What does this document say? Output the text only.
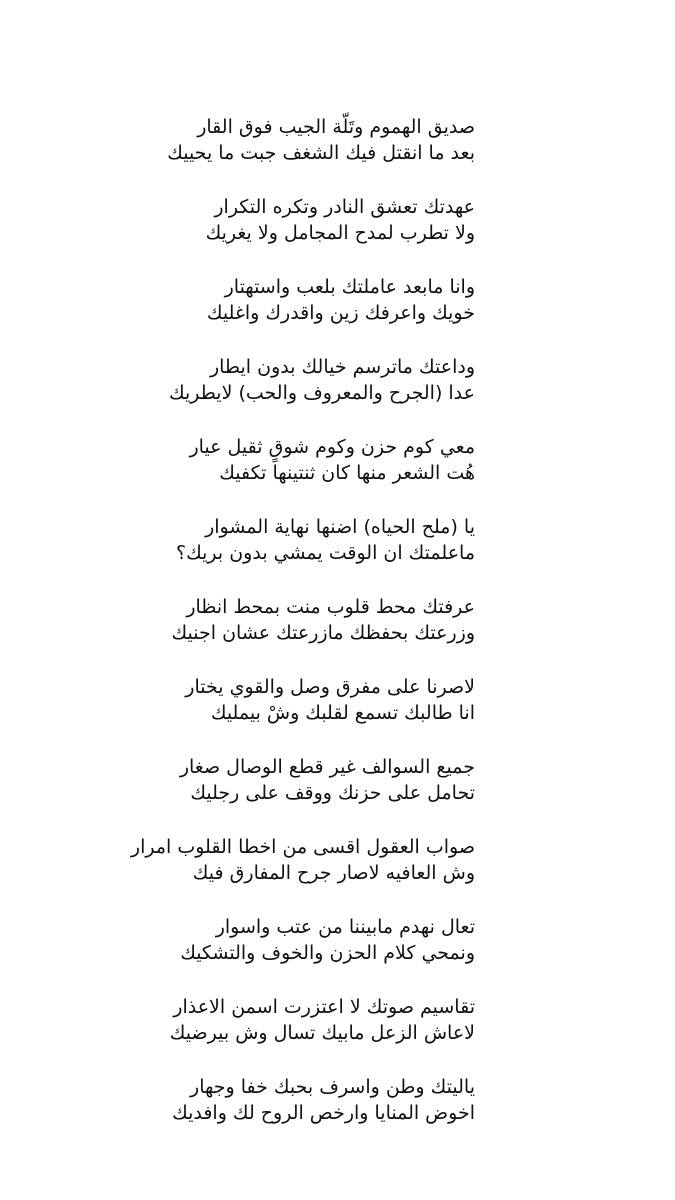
صديق الهموم وتَلّة الجيب فوق القار
بعد ما انقتل فيك الشغف جبت ما يحييك
عهدتك تعشق النادر وتكره التكرار
ولا تطرب لمدح المجامل ولا يغريك
وانا مابعد عاملتك بلعب واستهتار
خويك واعرفك زين واقدرك واغليك
وداعتك ماترسم خيالك بدون ايطار
عدا (الجرح والمعروف والحب) لايطريك
معي كوم حزن وكوم شوقٍ ثقيل عيار
هُت الشعر منها كان ثنتينها تكفيك
يا (ملح الحياه) اضنها نهاية المشوار
ماعلمتك ان الوقت يمشي بدون بريك؟
عرفتك محط قلوب منت بمحط انظار
وزرعتك بحفظك مازرعتك عشان اجنيك
لاصرنا على مفرق وصل والقوي يختار
انا طالبك تسمع لقلبك وشْ بيمليك
جميع السوالف غير قطع الوصال صغار
تحامل على حزنك ووقف على رجليك
صواب العقول اقسى من اخطا القلوب امرار
وش العافيه لاصار جرح المفارق فيك
تعال نهدم مابيننا من عتب واسوار
ونمحي كلام الحزن والخوف والتشكيك
تقاسيم صوتك لا اعتزرت اسمن الاعذار
لاعاش الزعل مابيك تسال وش بيرضيك
ياليتك وطن واسرف بحبك خفا وجهار
اخوض المنايا وارخص الروح لك وافديك
